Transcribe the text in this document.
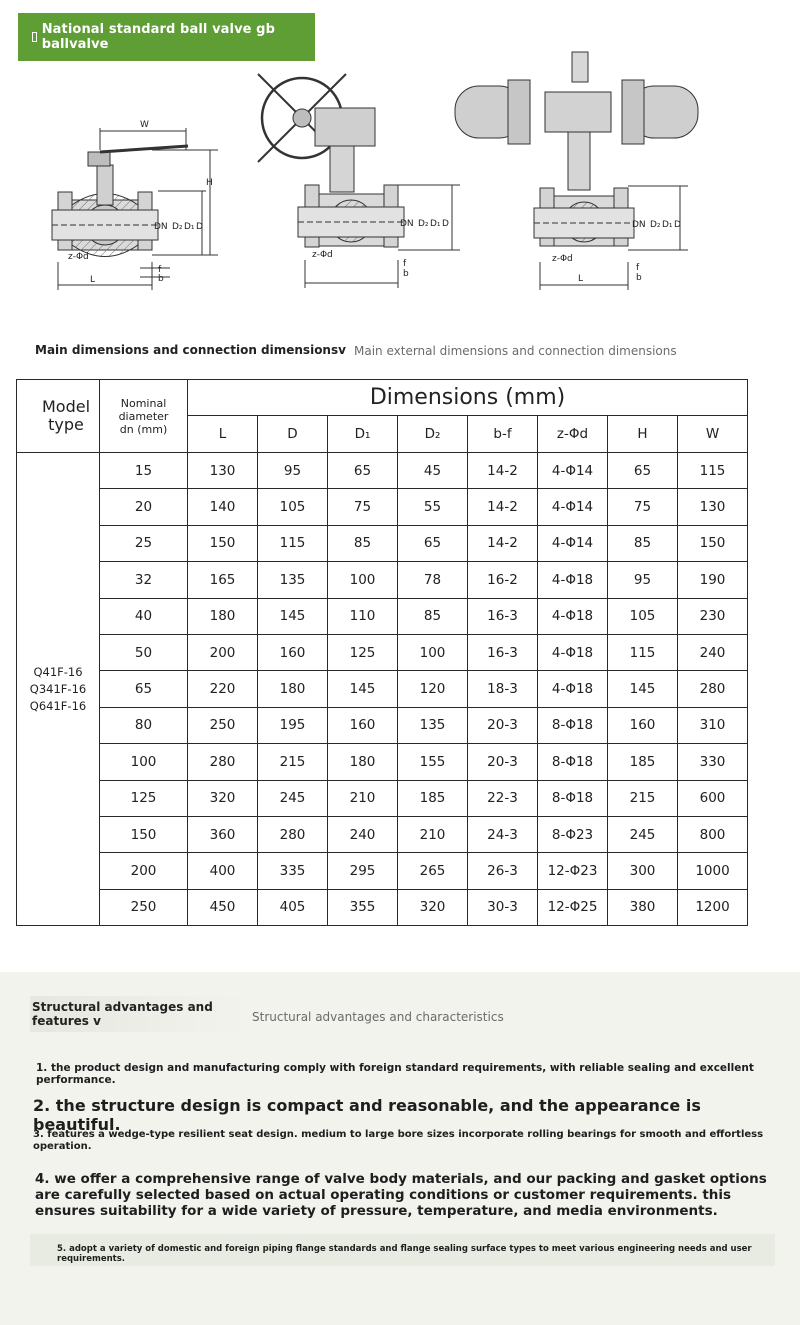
National standard ball valve gb ballvalve
W
H
DN D₂ D₁ D
z-Φd
f
b
L
DN D₂ D₁ D
z-Φd
f
b
DN D₂ D₁ D
z-Φd
f
b
L
Main dimensions and connection dimensionsv Main external dimensions and connection dimensions
Model type	Nominal
diameter
dn (mm)	Dimensions (mm)							
		L	D	D₁	D₂	b-f	z-Φd	H	W

Q41F-16
Q341F-16
Q641F-16	15	130	95	65	45	14-2	4-Φ14	65	115
	20	140	105	75	55	14-2	4-Φ14	75	130
	25	150	115	85	65	14-2	4-Φ14	85	150
	32	165	135	100	78	16-2	4-Φ18	95	190
	40	180	145	110	85	16-3	4-Φ18	105	230
	50	200	160	125	100	16-3	4-Φ18	115	240
	65	220	180	145	120	18-3	4-Φ18	145	280
	80	250	195	160	135	20-3	8-Φ18	160	310
	100	280	215	180	155	20-3	8-Φ18	185	330
	125	320	245	210	185	22-3	8-Φ18	215	600
	150	360	280	240	210	24-3	8-Φ23	245	800
	200	400	335	295	265	26-3	12-Φ23	300	1000
	250	450	405	355	320	30-3	12-Φ25	380	1200
Structural advantages and features v	Structural advantages and characteristics
1. the product design and manufacturing comply with foreign standard requirements, with reliable sealing and excellent performance.
2. the structure design is compact and reasonable, and the appearance is beautiful.
3. features a wedge-type resilient seat design. medium to large bore sizes incorporate rolling bearings for smooth and effortless operation.
4. we offer a comprehensive range of valve body materials, and our packing and gasket options are carefully selected based on actual operating conditions or customer requirements. this ensures suitability for a wide variety of pressure, temperature, and media environments.
5. adopt a variety of domestic and foreign piping flange standards and flange sealing surface types to meet various engineering needs and user requirements.
